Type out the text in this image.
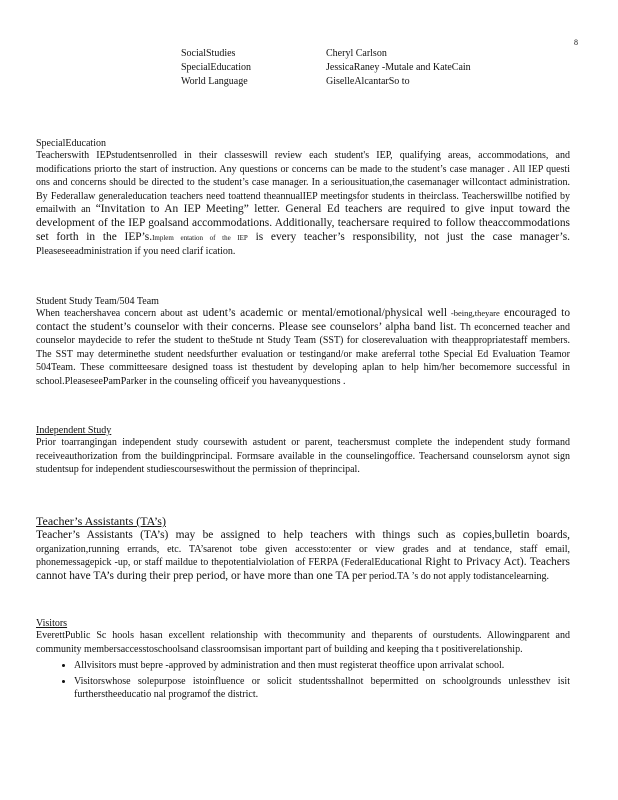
8
SocialStudies	Cheryl Carlson
SpecialEducation	JessicaRaney -Mutale and KateCain
World Language	GiselleAlcantarSo to

SpecialEducation

Teacherswith IEPstudentsenrolled in their classeswill review each student's IEP, qualifying areas, accommodations, and modifications priorto the start of instruction. Any questions or concerns can be made to the student’s case manager . All IEP questi ons and concerns should be directed to the student’s case manager. In a seriousituation,the casemanager willcontact administration. By Federallaw generaleducation teachers need toattend theannualIEP meetingsfor students in theirclass. Teacherswillbe notified by emailwith an “Invitation to An IEP Meeting” letter. General Ed teachers are required to give input toward the development of the IEP goalsand accommodations. Additionally, teachersare required to follow theaccommodations set forth in the IEP’s.Implem entation of the IEP is every teacher’s responsibility, not just the case manager’s. Pleaseseeadministration if you need clarif ication.

Student Study Team/504 Team

When teachershavea concern about ast udent’s academic or mental/emotional/physical well -being,theyare encouraged to contact the student’s counselor with their concerns. Please see counselors’ alpha band list. Th econcerned teacher and counselor maydecide to refer the student to theStude nt Study Team (SST) for closerevaluation with theappropriatestaff members. The SST may determinethe student needsfurther evaluation or testingand/or make areferral tothe Special Ed Evaluation Teamor 504Team. These committeesare designed toass ist thestudent by developing aplan to help him/her becomemore successful in school.PleaseseePamParker in the counseling officeif you haveanyquestions .

Independent Study

Prior toarrangingan independent study coursewith astudent or parent, teachersmust complete the independent study formand receiveauthorization from the buildingprincipal. Formsare available in the counselingoffice. Teachersand counselorsm aynot sign studentsup for independent studiescourseswithout the permission of theprincipal.

Teacher’s Assistants (TA’s)

Teacher’s Assistants (TA’s) may be assigned to help teachers with things such as copies,bulletin boards, organization,running errands, etc. TA’sarenot tobe given accessto:enter or view grades and at tendance, staff email, phonemessagepick -up, or staff maildue to thepotentialviolation of FERPA (FederalEducational Right to Privacy Act). Teachers cannot have TA’s during their prep period, or have more than one TA per period.TA ’s do not apply todistancelearning.

Visitors

EverettPublic Sc hools hasan excellent relationship with thecommunity and theparents of ourstudents. Allowingparent and community membersaccesstoschoolsand classroomsisan important part of building and keeping tha t positiverelationship.

• Allvisitors must bepre -approved by administration and then must registerat theoffice upon arrivalat school.
• Visitorswhose solepurpose istoinfluence or solicit studentsshallnot bepermitted on schoolgrounds unlessthev isit furtherstheeducatio nal programof the district.
